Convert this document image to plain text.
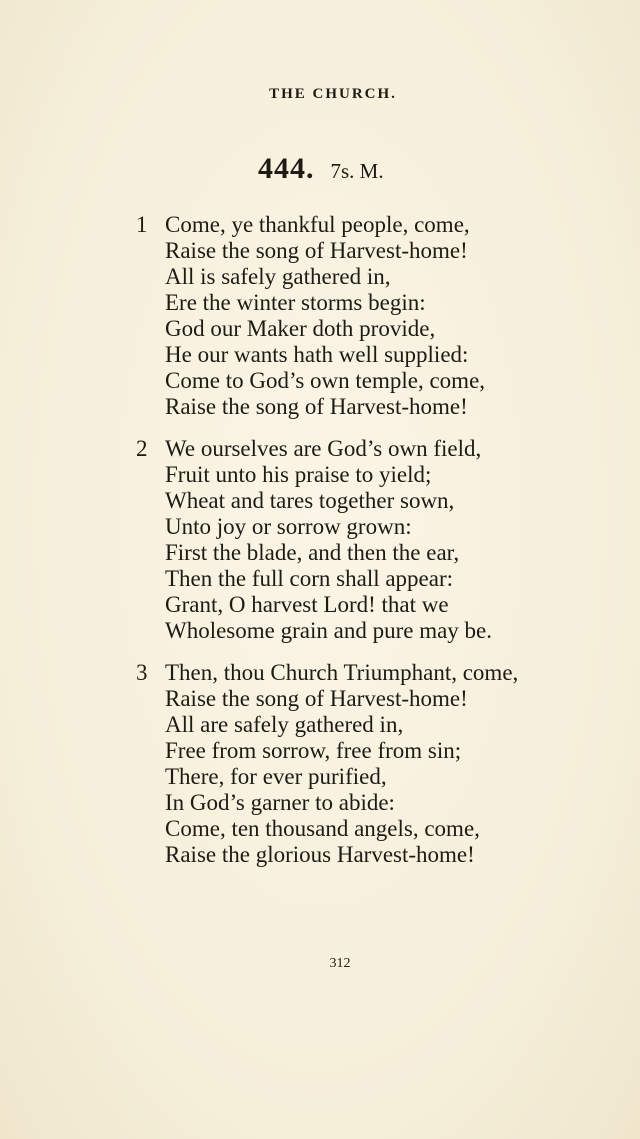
THE CHURCH.
444. 7s. M.
1 Come, ye thankful people, come,
Raise the song of Harvest-home!
All is safely gathered in,
Ere the winter storms begin:
God our Maker doth provide,
He our wants hath well supplied:
Come to God’s own temple, come,
Raise the song of Harvest-home!
2 We ourselves are God’s own field,
Fruit unto his praise to yield;
Wheat and tares together sown,
Unto joy or sorrow grown:
First the blade, and then the ear,
Then the full corn shall appear:
Grant, O harvest Lord! that we
Wholesome grain and pure may be.
3 Then, thou Church Triumphant, come,
Raise the song of Harvest-home!
All are safely gathered in,
Free from sorrow, free from sin;
There, for ever purified,
In God’s garner to abide:
Come, ten thousand angels, come,
Raise the glorious Harvest-home!
312
